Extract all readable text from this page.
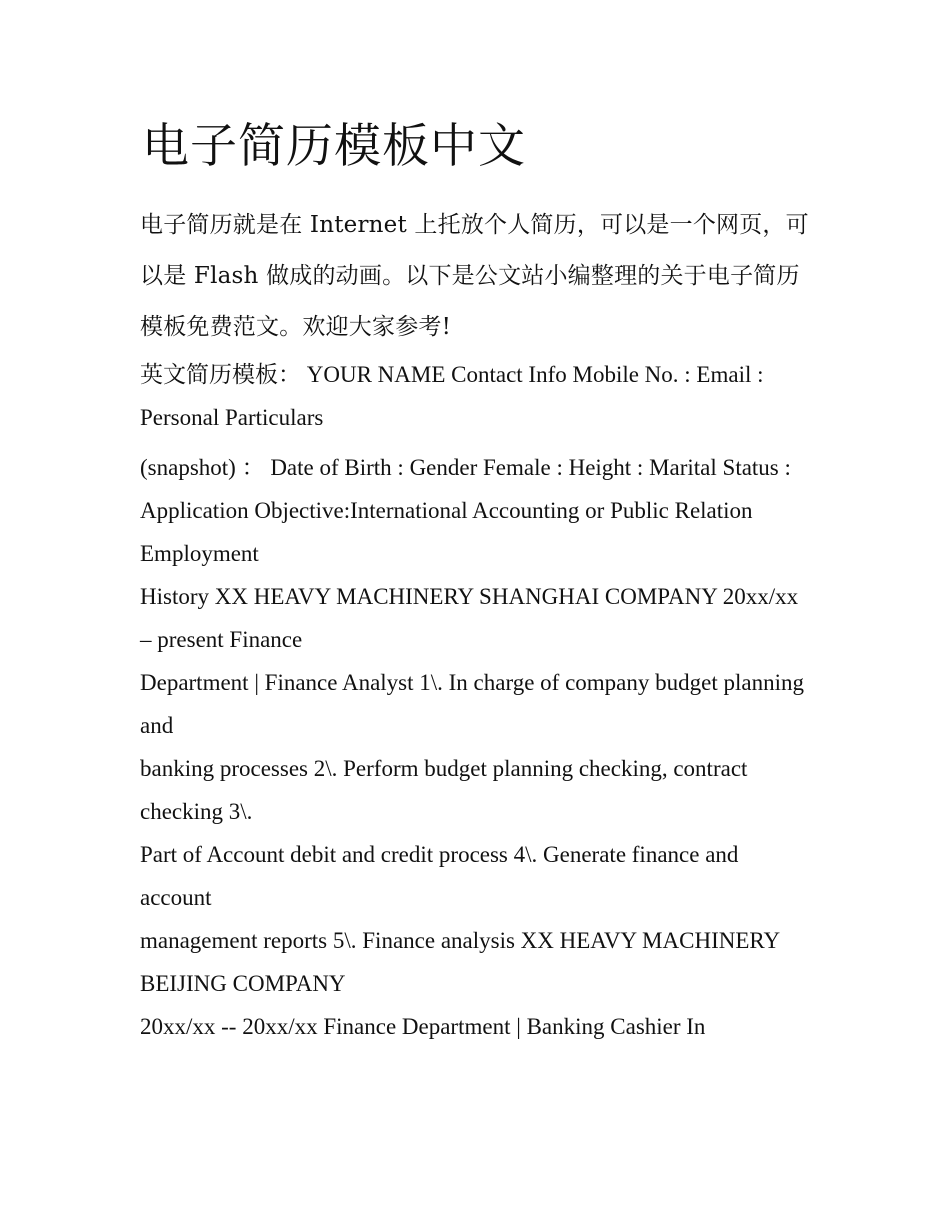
电子简历模板中文

电子简历就是在 Internet 上托放个人简历，可以是一个网页，可以是 Flash 做成的动画。以下是公文站小编整理的关于电子简历模板免费范文。欢迎大家参考!

英文简历模板： YOUR NAME Contact Info Mobile No. : Email : Personal Particulars

(snapshot) ： Date of Birth : Gender Female : Height : Marital Status :

Application Objective:International Accounting or Public Relation Employment

History XX HEAVY MACHINERY SHANGHAI COMPANY 20xx/xx – present Finance

Department | Finance Analyst 1\. In charge of company budget planning and

banking processes 2\. Perform budget planning checking, contract checking 3\.

Part of Account debit and credit process 4\. Generate finance and account

management reports 5\. Finance analysis XX HEAVY MACHINERY BEIJING COMPANY

20xx/xx -- 20xx/xx Finance Department | Banking Cashier In
